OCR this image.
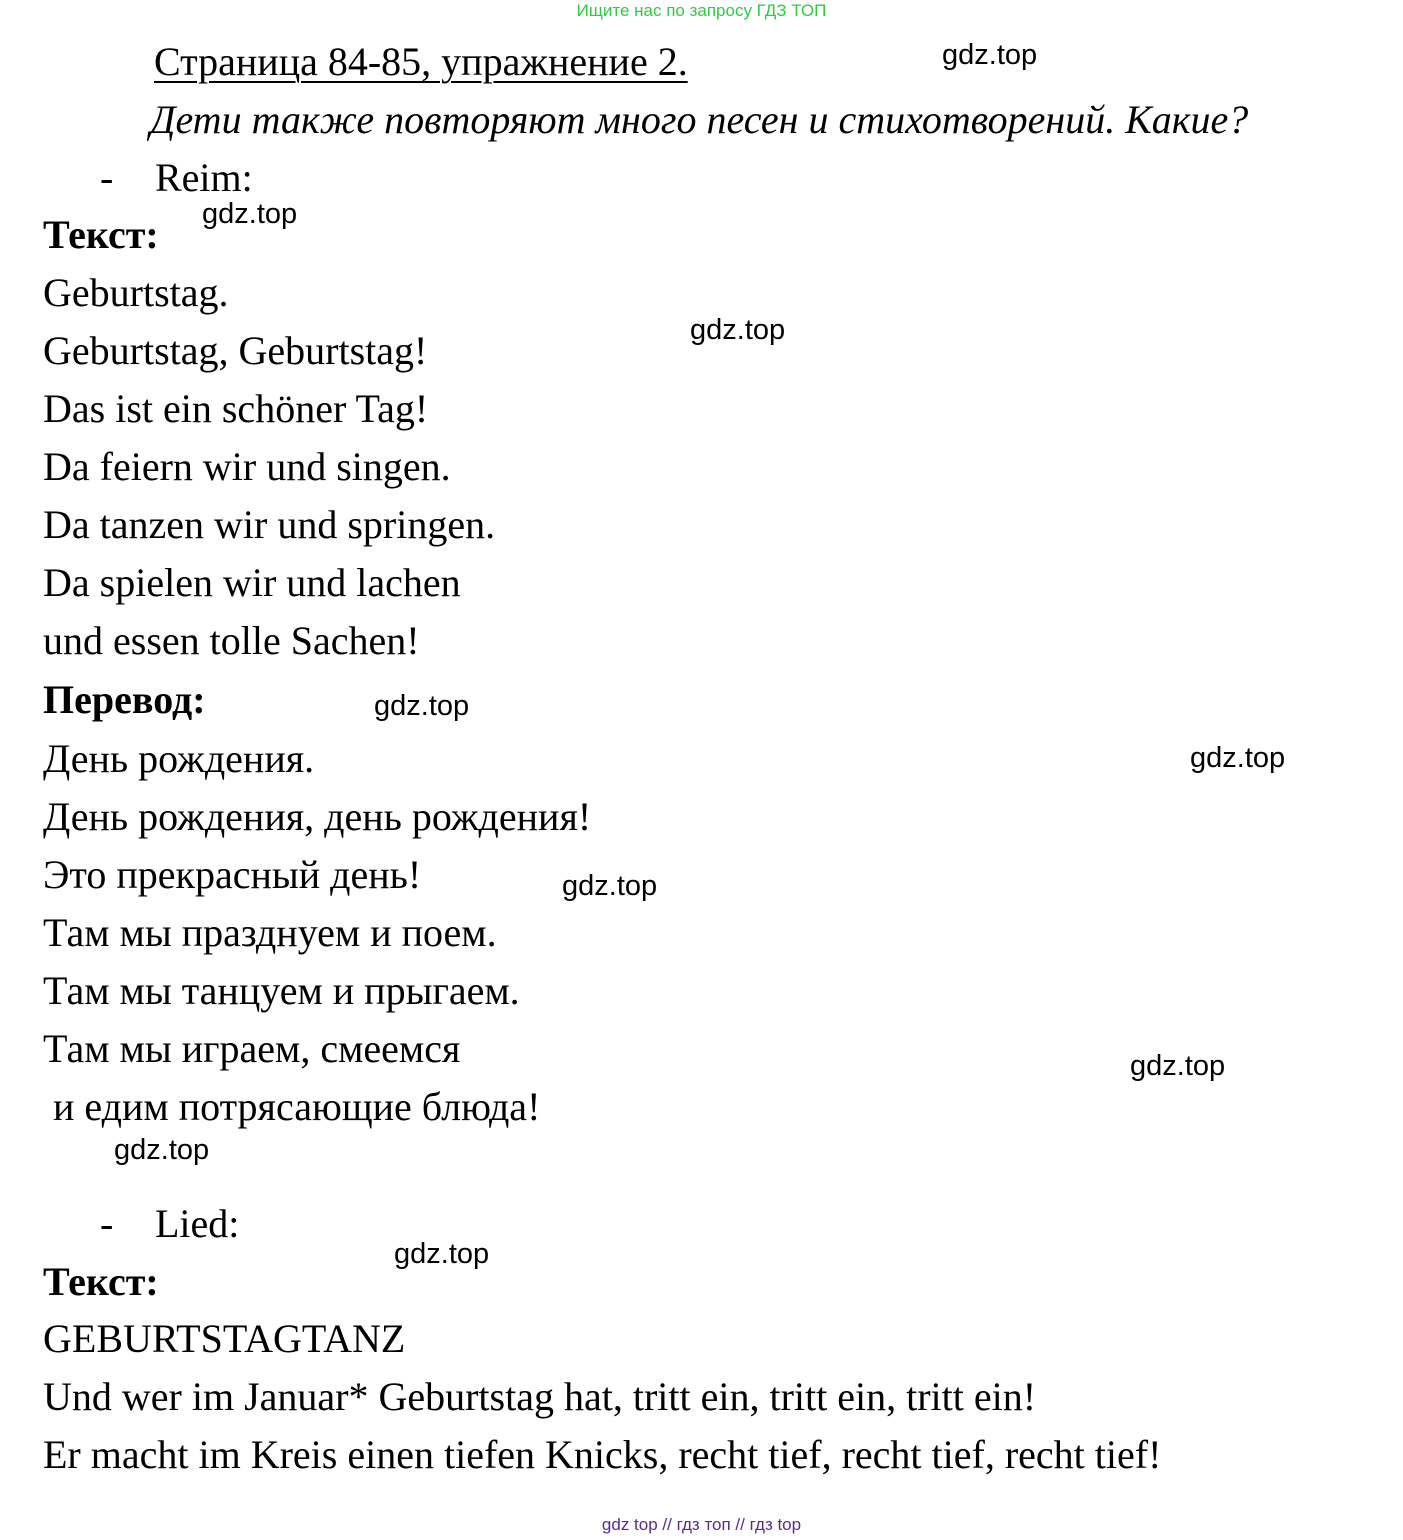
Ищите нас по запросу ГДЗ ТОП
Страница 84-85, упражнение 2.
Дети также повторяют много песен и стихотворений. Какие?
- Reim:
Текст:
Geburtstag.
Geburtstag, Geburtstag!
Das ist ein schöner Tag!
Da feiern wir und singen.
Da tanzen wir und springen.
Da spielen wir und lachen
und essen tolle Sachen!
Перевод:
День рождения.
День рождения, день рождения!
Это прекрасный день!
Там мы празднуем и поем.
Там мы танцуем и прыгаем.
Там мы играем, смеемся
и едим потрясающие блюда!
- Lied:
Текст:
GEBURTSTAGTANZ
Und wer im Januar* Geburtstag hat, tritt ein, tritt ein, tritt ein!
Er macht im Kreis einen tiefen Knicks, recht tief, recht tief, recht tief!
gdz.top
gdz.top
gdz.top
gdz.top
gdz.top
gdz.top
gdz.top
gdz.top
gdz.top
gdz top // гдз топ // гдз top
